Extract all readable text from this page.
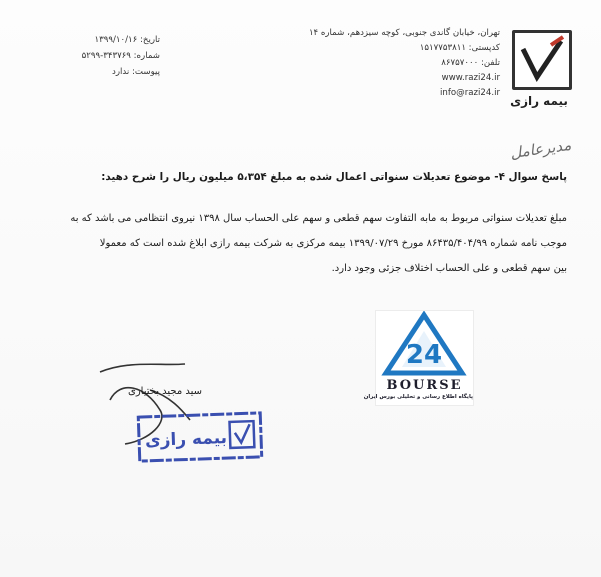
بیمه رازی
تهران، خیابان گاندی جنوبی، کوچه سیزدهم، شماره ۱۴
کدپستی: ۱۵۱۷۷۵۳۸۱۱
تلفن: ۸۶۷۵۷۰۰۰
www.razi24.ir
info@razi24.ir
تاریخ: ۱۳۹۹/۱۰/۱۶
شماره: ۳۴۳۷۶۹-۵۲۹۹
پیوست: ندارد
مدیرعامل
پاسخ سوال ۴- موضوع تعدیلات سنواتی اعمال شده به مبلغ ۵،۳۵۴ میلیون ریال را شرح دهید:
مبلغ تعدیلات سنواتی مربوط به مابه التفاوت سهم قطعی و سهم علی الحساب سال ۱۳۹۸ نیروی انتظامی می باشد که به
موجب نامه شماره ۸۶۴۳۵/۴۰۴/۹۹ مورخ ۱۳۹۹/۰۷/۲۹ بیمه مرکزی به شرکت بیمه رازی ابلاغ شده است که معمولا
بین سهم قطعی و علی الحساب اختلاف جزئی وجود دارد.
24
BOURSE
پایگاه اطلاع رسانی و تحلیلی بورس ایران
سید مجید بختیاری
بیمه رازی
